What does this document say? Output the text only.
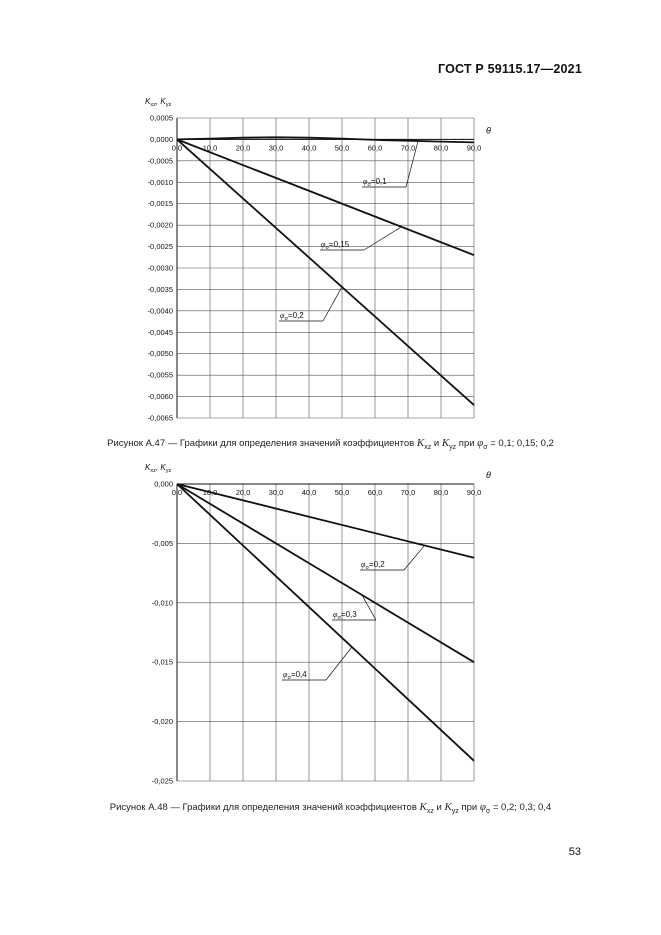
ГОСТ Р 59115.17—2021
0,0	10,0 20,0 30,0 40,0 50,0 60,0 70,0 80,0 90,0
0,0005
0,0000
-0,0005
-0,0010
-0,0015
-0,0020
-0,0025
-0,0030
-0,0035
-0,0040
-0,0045
-0,0050
-0,0055
-0,0060
-0,0065
$K_{xz}$, $K_{yz}$
θ
$\varphi_\sigma=0,1$
$\varphi_\sigma=0,15$
$\varphi_\sigma=0,2$
Рисунок А.47 — Графики для определения значений коэффициентов $K_{xz}$ и $K_{yz}$ при $\varphi_\sigma = 0,1$; 0,15; 0,2
0,0	10,0 20,0 30,0 40,0 50,0 60,0 70,0 80,0 90,0
0,000
-0,005
-0,010
-0,015
-0,020
-0,025
$K_{xz}$, $K_{yz}$	θ
$\varphi_\sigma=0,2$
$\varphi_\sigma=0,3$
$\varphi_\sigma=0,4$
Рисунок А.48 — Графики для определения значений коэффициентов $K_{xz}$ и $K_{yz}$ при $\varphi_\sigma = 0,2$; 0,3; 0,4
53
